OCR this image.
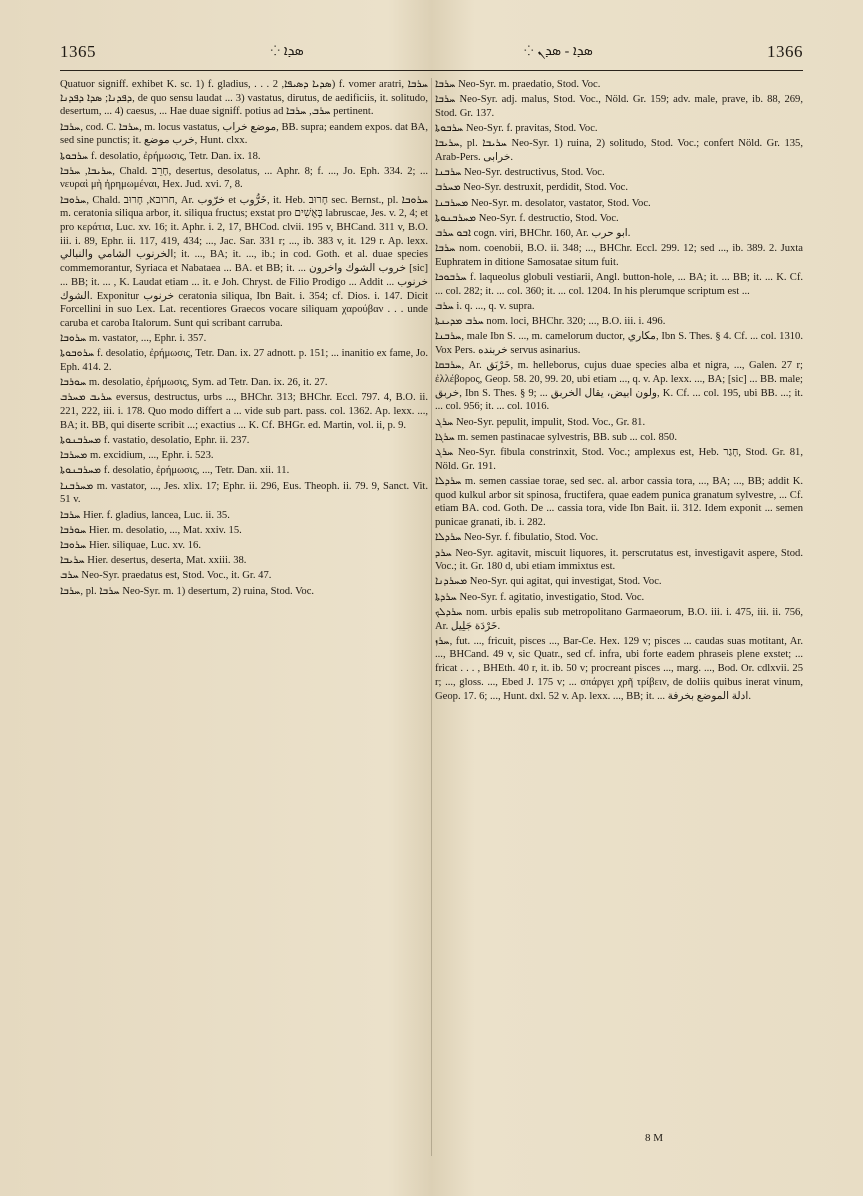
1365	ܣܕܐ ⁘	ܣܕܐ - ܣܕܢ ⁘	1366

Quatuor signiff. exhibet K. sc. 1) f. gladius, . . . ܣܕܝܐ ܕܣܝܦܐ, 2) f. vomer aratri, ܚܪܒܐ ܕܦܕܢܐ; ܣܕܐ ܕܦܕܢܐ, de quo sensu laudat ... 3) vastatus, dirutus, de aedificiis, it. solitudo, desertum, ... 4) caesus, ... Hae duae signiff. potius ad ܚܪܒ, ܚܪܒܐ pertinent.

ܚܪܒܐ, cod. C. ܚܪܒܐ, m. locus vastatus, موضع خراب, BB. supra; eandem expos. dat BA, sed sine punctis; it. خرب موضع, Hunt. clxx.

ܚܪܒܘܬܐ f. desolatio, ἐρήμωσις, Tetr. Dan. ix. 18.

ܚܪܝܒܐ, ܚܪܒܐ, Chald. חָרֵב, desertus, desolatus, ... Aphr. 8; f. ..., Jo. Eph. 334. 2; ... νευραὶ μὴ ἠρημωμέναι, Hex. Jud. xvi. 7, 8.

ܚܪܘܒܐ, Chald. חרובא, חָרוּב, Ar. خرّوب et خَرُّوب, it. Heb. חָרוּב sec. Bernst., pl. ܚܪܘܒܐ m. ceratonia siliqua arbor, it. siliqua fructus; exstat pro בְּאֻשִׁים labruscae, Jes. v. 2, 4; et pro κεράτια, Luc. xv. 16; it. Aphr. i. 2, 17, BHCod. clvii. 195 v, BHCand. 311 v, B.O. iii. i. 89, Ephr. ii. 117, 419, 434; ..., Jac. Sar. 331 r; ..., ib. 383 v, it. 129 r. Ap. lexx. الخرنوب الشامي والنبالي; it. ..., BA; it. ..., ib.; in cod. Goth. et al. duae species commemorantur, Syriaca et Nabataea ... BA. et BB; it. ... خروب الشوك واخرون [sic] ... BB; it. ... , K. Laudat etiam ... it. e Joh. Chryst. de Filio Prodigo ... Addit ... خرنوب الشوك. Exponitur خرنوب ceratonia siliqua, Ibn Bait. i. 354; cf. Dios. i. 147. Dicit Forcellini in suo Lex. Lat. recentiores Graecos vocare siliquam χαρούβαν . . . unde caruba et caroba Italorum. Sunt qui scribant carruba.

ܚܪܘܒܐ m. vastator, ..., Ephr. i. 357.

ܚܪܘܒܘܬܐ f. desolatio, ἐρήμωσις, Tetr. Dan. ix. 27 adnott. p. 151; ... inanitio ex fame, Jo. Eph. 414. 2.

ܚܘܪܒܐ m. desolatio, ἐρήμωσις, Sym. ad Tetr. Dan. ix. 26, it. 27.

ܚܪܝܒ ܡܚܪܒ eversus, destructus, urbs ..., BHChr. 313; BHChr. Eccl. 797. 4, B.O. ii. 221, 222, iii. i. 178. Quo modo differt a ... vide sub part. pass. col. 1362. Ap. lexx. ..., BA; it. BB, qui diserte scribit ...; exactius ... K. Cf. BHGr. ed. Martin, vol. ii, p. 9.

ܡܚܪܒܢܘܬܐ f. vastatio, desolatio, Ephr. ii. 237.

ܡܚܪܒܐ m. excidium, ..., Ephr. i. 523.

ܡܚܪܒܢܘܬܐ f. desolatio, ἐρήμωσις, ..., Tetr. Dan. xii. 11.

ܡܚܪܒܢܐ m. vastator, ..., Jes. xlix. 17; Ephr. ii. 296, Eus. Theoph. ii. 79. 9, Sanct. Vit. 51 v.

ܚܪܒܐ Hier. f. gladius, lancea, Luc. ii. 35.

ܚܘܪܒܐ Hier. m. desolatio, ..., Mat. xxiv. 15.

ܚܪܘܒܐ Hier. siliquae, Luc. xv. 16.

ܚܪܝܒܐ Hier. desertus, deserta, Mat. xxiii. 38.

ܚܪܒ Neo-Syr. praedatus est, Stod. Voc., it. Gr. 47.

ܚܪܒܐ, pl. ܚܪܒܐ Neo-Syr. m. 1) desertum, 2) ruina, Stod. Voc.

ܚܪܒܐ Neo-Syr. m. praedatio, Stod. Voc.

ܚܪܒܐ Neo-Syr. adj. malus, Stod. Voc., Nöld. Gr. 159; adv. male, prave, ib. 88, 269, Stod. Gr. 137.

ܚܪܒܘܬܐ Neo-Syr. f. pravitas, Stod. Voc.

ܚܪܝܒܐ, pl. ܚܪܝܒܐ Neo-Syr. 1) ruina, 2) solitudo, Stod. Voc.; confert Nöld. Gr. 135, Arab-Pers. خرابی.

ܚܪܒܢܐ Neo-Syr. destructivus, Stod. Voc.

ܡܚܪܒ Neo-Syr. destruxit, perdidit, Stod. Voc.

ܡܚܪܒܢܐ Neo-Syr. m. desolator, vastator, Stod. Voc.

ܡܚܪܒܢܘܬܐ Neo-Syr. f. destructio, Stod. Voc.

ܐܒܘ ܚܪܒ cogn. viri, BHChr. 160, Ar. ابو حرب.

ܚܪܒܐ nom. coenobii, B.O. ii. 348; ..., BHChr. Eccl. 299. 12; sed ..., ib. 389. 2. Juxta Euphratem in ditione Samosatae situm fuit.

ܚܪܒܘܟܐ f. laqueolus globuli vestiarii, Angl. button-hole, ... BA; it. ... BB; it. ... K. Cf. ... col. 282; it. ... col. 360; it. ... col. 1204. In his plerumque scriptum est ...

ܚܪܒ i. q. ..., q. v. supra.

ܚܪܒ ܡܕܝܢܬܐ nom. loci, BHChr. 320; ..., B.O. iii. i. 496.

ܚܪܒܢܐ, male Ibn S. ..., m. camelorum ductor, مكاري, Ibn S. Thes. § 4. Cf. ... col. 1310. Vox Pers. خربنده servus asinarius.

ܚܪܒܩܐ, Ar. خَرْبَق, m. helleborus, cujus duae species alba et nigra, ..., Galen. 27 r; ἐλλέβορος, Geop. 58. 20, 99. 20, ubi etiam ..., q. v. Ap. lexx. ..., BA; [sic] ... BB. male; خربق, Ibn S. Thes. § 9; ... ولون ابيض، يقال الخربق, K. Cf. ... col. 195, ubi BB. ...; it. ... col. 956; it. ... col. 1016.

ܚܪܓ Neo-Syr. pepulit, impulit, Stod. Voc., Gr. 81.

ܚܪܓܐ m. semen pastinacae sylvestris, BB. sub ... col. 850.

ܚܪܓ Neo-Syr. fibula constrinxit, Stod. Voc.; amplexus est, Heb. חָגַר, Stod. Gr. 81, Nöld. Gr. 191.

ܚܪܕܠܐ m. semen cassiae torae, sed sec. al. arbor cassia tora, ..., BA; ..., BB; addit K. quod kulkul arbor sit spinosa, fructifera, quae eadem punica granatum sylvestre, ... Cf. etiam BA. cod. Goth. De ... cassia tora, vide Ibn Bait. ii. 312. Idem exponit ... semen punicae granati, ib. i. 282.

ܚܪܕܠܐ Neo-Syr. f. fibulatio, Stod. Voc.

ܚܪܕ Neo-Syr. agitavit, miscuit liquores, it. perscrutatus est, investigavit aspere, Stod. Voc.; it. Gr. 180 d, ubi etiam immixtus est.

ܡܚܪܕܢܐ Neo-Syr. qui agitat, qui investigat, Stod. Voc.

ܚܪܕܬܐ Neo-Syr. f. agitatio, investigatio, Stod. Voc.

ܚܪܕܠܟ nom. urbis epalis sub metropolitano Garmaeorum, B.O. iii. i. 475, iii. ii. 756, Ar. خَرْدَة جَلِيل.

ܚܪܙ, fut. ..., fricuit, pisces ..., Bar-Ce. Hex. 129 v; pisces ... caudas suas motitant, Ar. ..., BHCand. 49 v, sic Quatr., sed cf. infra, ubi forte eadem phraseis plene exstet; ... fricat . . . , BHEth. 40 r, it. ib. 50 v; procreant pisces ..., marg. ..., Bod. Or. cdlxvii. 25 r; ..., gloss. ..., Ebed J. 175 v; ... σπάργει χρῆ τρίβειν, de doliis quibus inerat vinum, Geop. 17. 6; ..., Hunt. dxl. 52 v. Ap. lexx. ..., BB; it. ... ادلة الموضع بخرفة.

8 M
